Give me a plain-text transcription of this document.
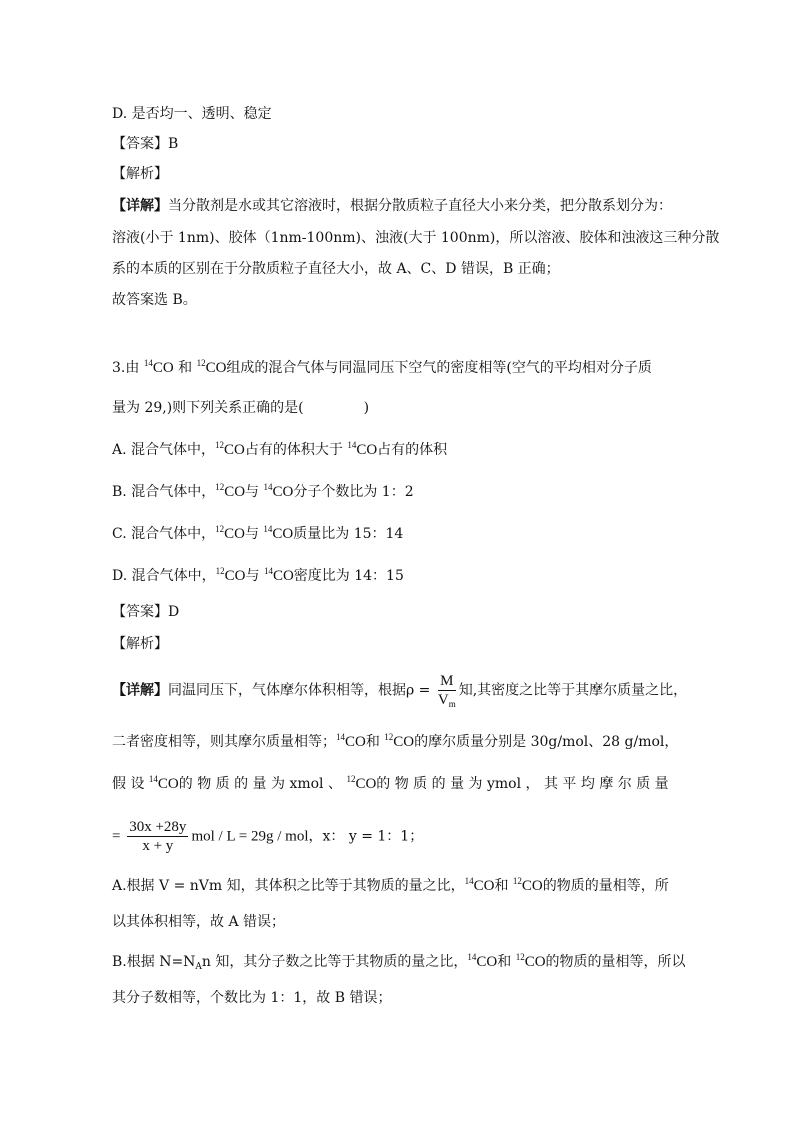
D. 是否均一、透明、稳定
【答案】B
【解析】
【详解】当分散剂是水或其它溶液时，根据分散质粒子直径大小来分类，把分散系划分为：
溶液(小于 1nm)、胶体（1nm-100nm)、浊液(大于 100nm)，所以溶液、胶体和浊液这三种分散
系的本质的区别在于分散质粒子直径大小，故 A、C、D 错误，B 正确；
故答案选 B。
3.由 $^{14}$CO 和 $^{12}$CO组成的混合气体与同温同压下空气的密度相等(空气的平均相对分子质
量为 29,)则下列关系正确的是(	)
A. 混合气体中，$^{12}$CO占有的体积大于 $^{14}$CO占有的体积
B. 混合气体中，$^{12}$CO与 $^{14}$CO分子个数比为 1：2
C. 混合气体中，$^{12}$CO与 $^{14}$CO质量比为 15：14
D. 混合气体中，$^{12}$CO与 $^{14}$CO密度比为 14：15
【答案】D
【解析】
【详解】同温同压下，气体摩尔体积相等，根据$\rho = \frac{M}{V_m}$ 知,其密度之比等于其摩尔质量之比，
二者密度相等，则其摩尔质量相等；$^{14}$CO和 $^{12}$CO的摩尔质量分别是 30g/mol、28 g/mol，
假 设 $^{14}$CO的 物 质 的 量 为 xmol 、 $^{12}$CO的 物 质 的 量 为 ymol ， 其 平 均 摩 尔 质 量
= $\frac{30x +28y}{x + y}$ mol / L = 29g / mol，x： y = 1：1；
A.根据 V = nVm 知，其体积之比等于其物质的量之比，$^{14}$CO和 $^{12}$CO的物质的量相等，所
以其体积相等，故 A 错误；
B.根据 $N=N_An$ 知，其分子数之比等于其物质的量之比，$^{14}$CO和 $^{12}$CO的物质的量相等，所以
其分子数相等，个数比为 1：1，故 B 错误；
